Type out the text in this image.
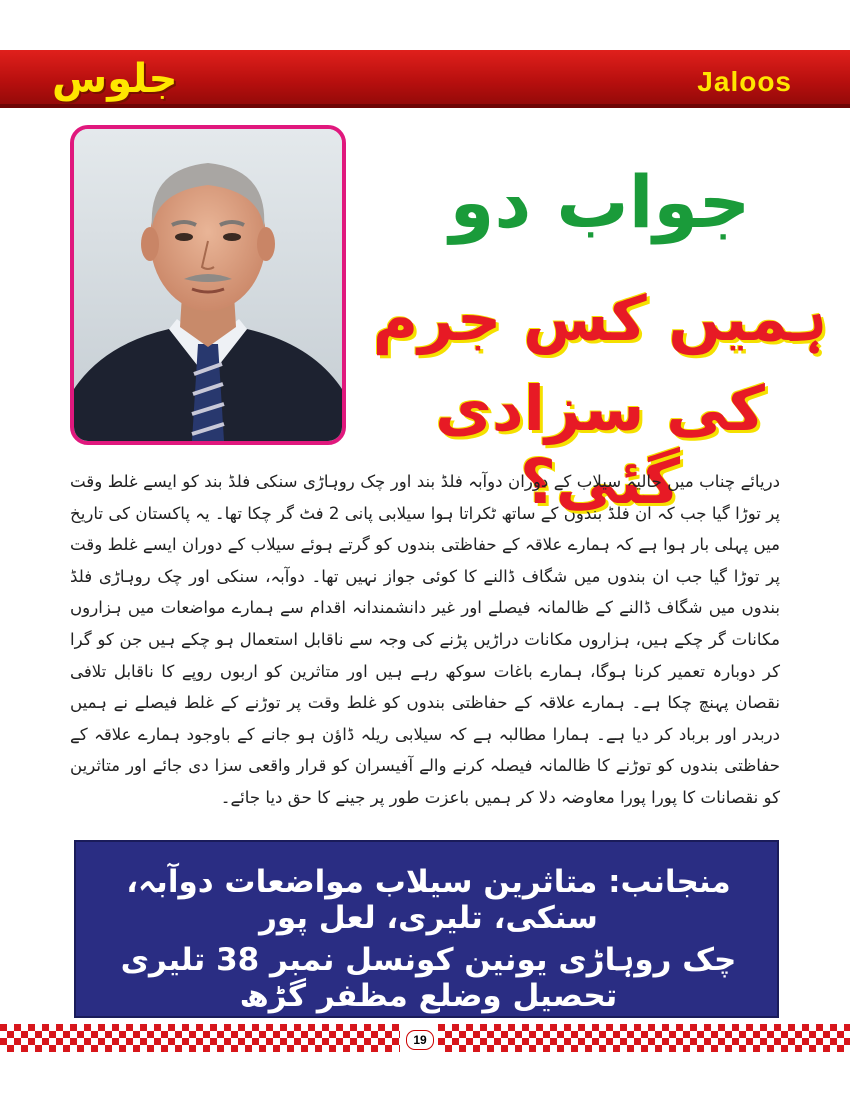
جلوس	Jaloos
جواب دو
ہمیں کس جرم
کی سزادی گئی؟
دریائے چناب میں حالیہ سیلاب کے دوران دوآبہ فلڈ بند اور چک روہاڑی سنکی فلڈ بند کو ایسے غلط وقت پر توڑا گیا جب کہ ان فلڈ بندوں کے ساتھ ٹکراتا ہوا سیلابی پانی 2 فٹ گر چکا تھا۔ یہ پاکستان کی تاریخ میں پہلی بار ہوا ہے کہ ہمارے علاقہ کے حفاظتی بندوں کو گرتے ہوئے سیلاب کے دوران ایسے غلط وقت پر توڑا گیا جب ان بندوں میں شگاف ڈالنے کا کوئی جواز نہیں تھا۔ دوآبہ، سنکی اور چک روہاڑی فلڈ بندوں میں شگاف ڈالنے کے ظالمانہ فیصلے اور غیر دانشمندانہ اقدام سے ہمارے مواضعات میں ہزاروں مکانات گر چکے ہیں، ہزاروں مکانات دراڑیں پڑنے کی وجہ سے ناقابل استعمال ہو چکے ہیں جن کو گرا کر دوبارہ تعمیر کرنا ہوگا، ہمارے باغات سوکھ رہے ہیں اور متاثرین کو اربوں روپے کا ناقابل تلافی نقصان پہنچ چکا ہے۔ ہمارے علاقہ کے حفاظتی بندوں کو غلط وقت پر توڑنے کے غلط فیصلے نے ہمیں دربدر اور برباد کر دیا ہے۔ ہمارا مطالبہ ہے کہ سیلابی ریلہ ڈاؤن ہو جانے کے باوجود ہمارے علاقہ کے حفاظتی بندوں کو توڑنے کا ظالمانہ فیصلہ کرنے والے آفیسران کو قرار واقعی سزا دی جائے اور متاثرین کو نقصانات کا پورا پورا معاوضہ دلا کر ہمیں باعزت طور پر جینے کا حق دیا جائے۔
منجانب: متاثرین سیلاب مواضعات دوآبہ، سنکی، تلیری، لعل پور
چک روہاڑی یونین کونسل نمبر 38 تلیری تحصیل وضلع مظفر گڑھ
19
